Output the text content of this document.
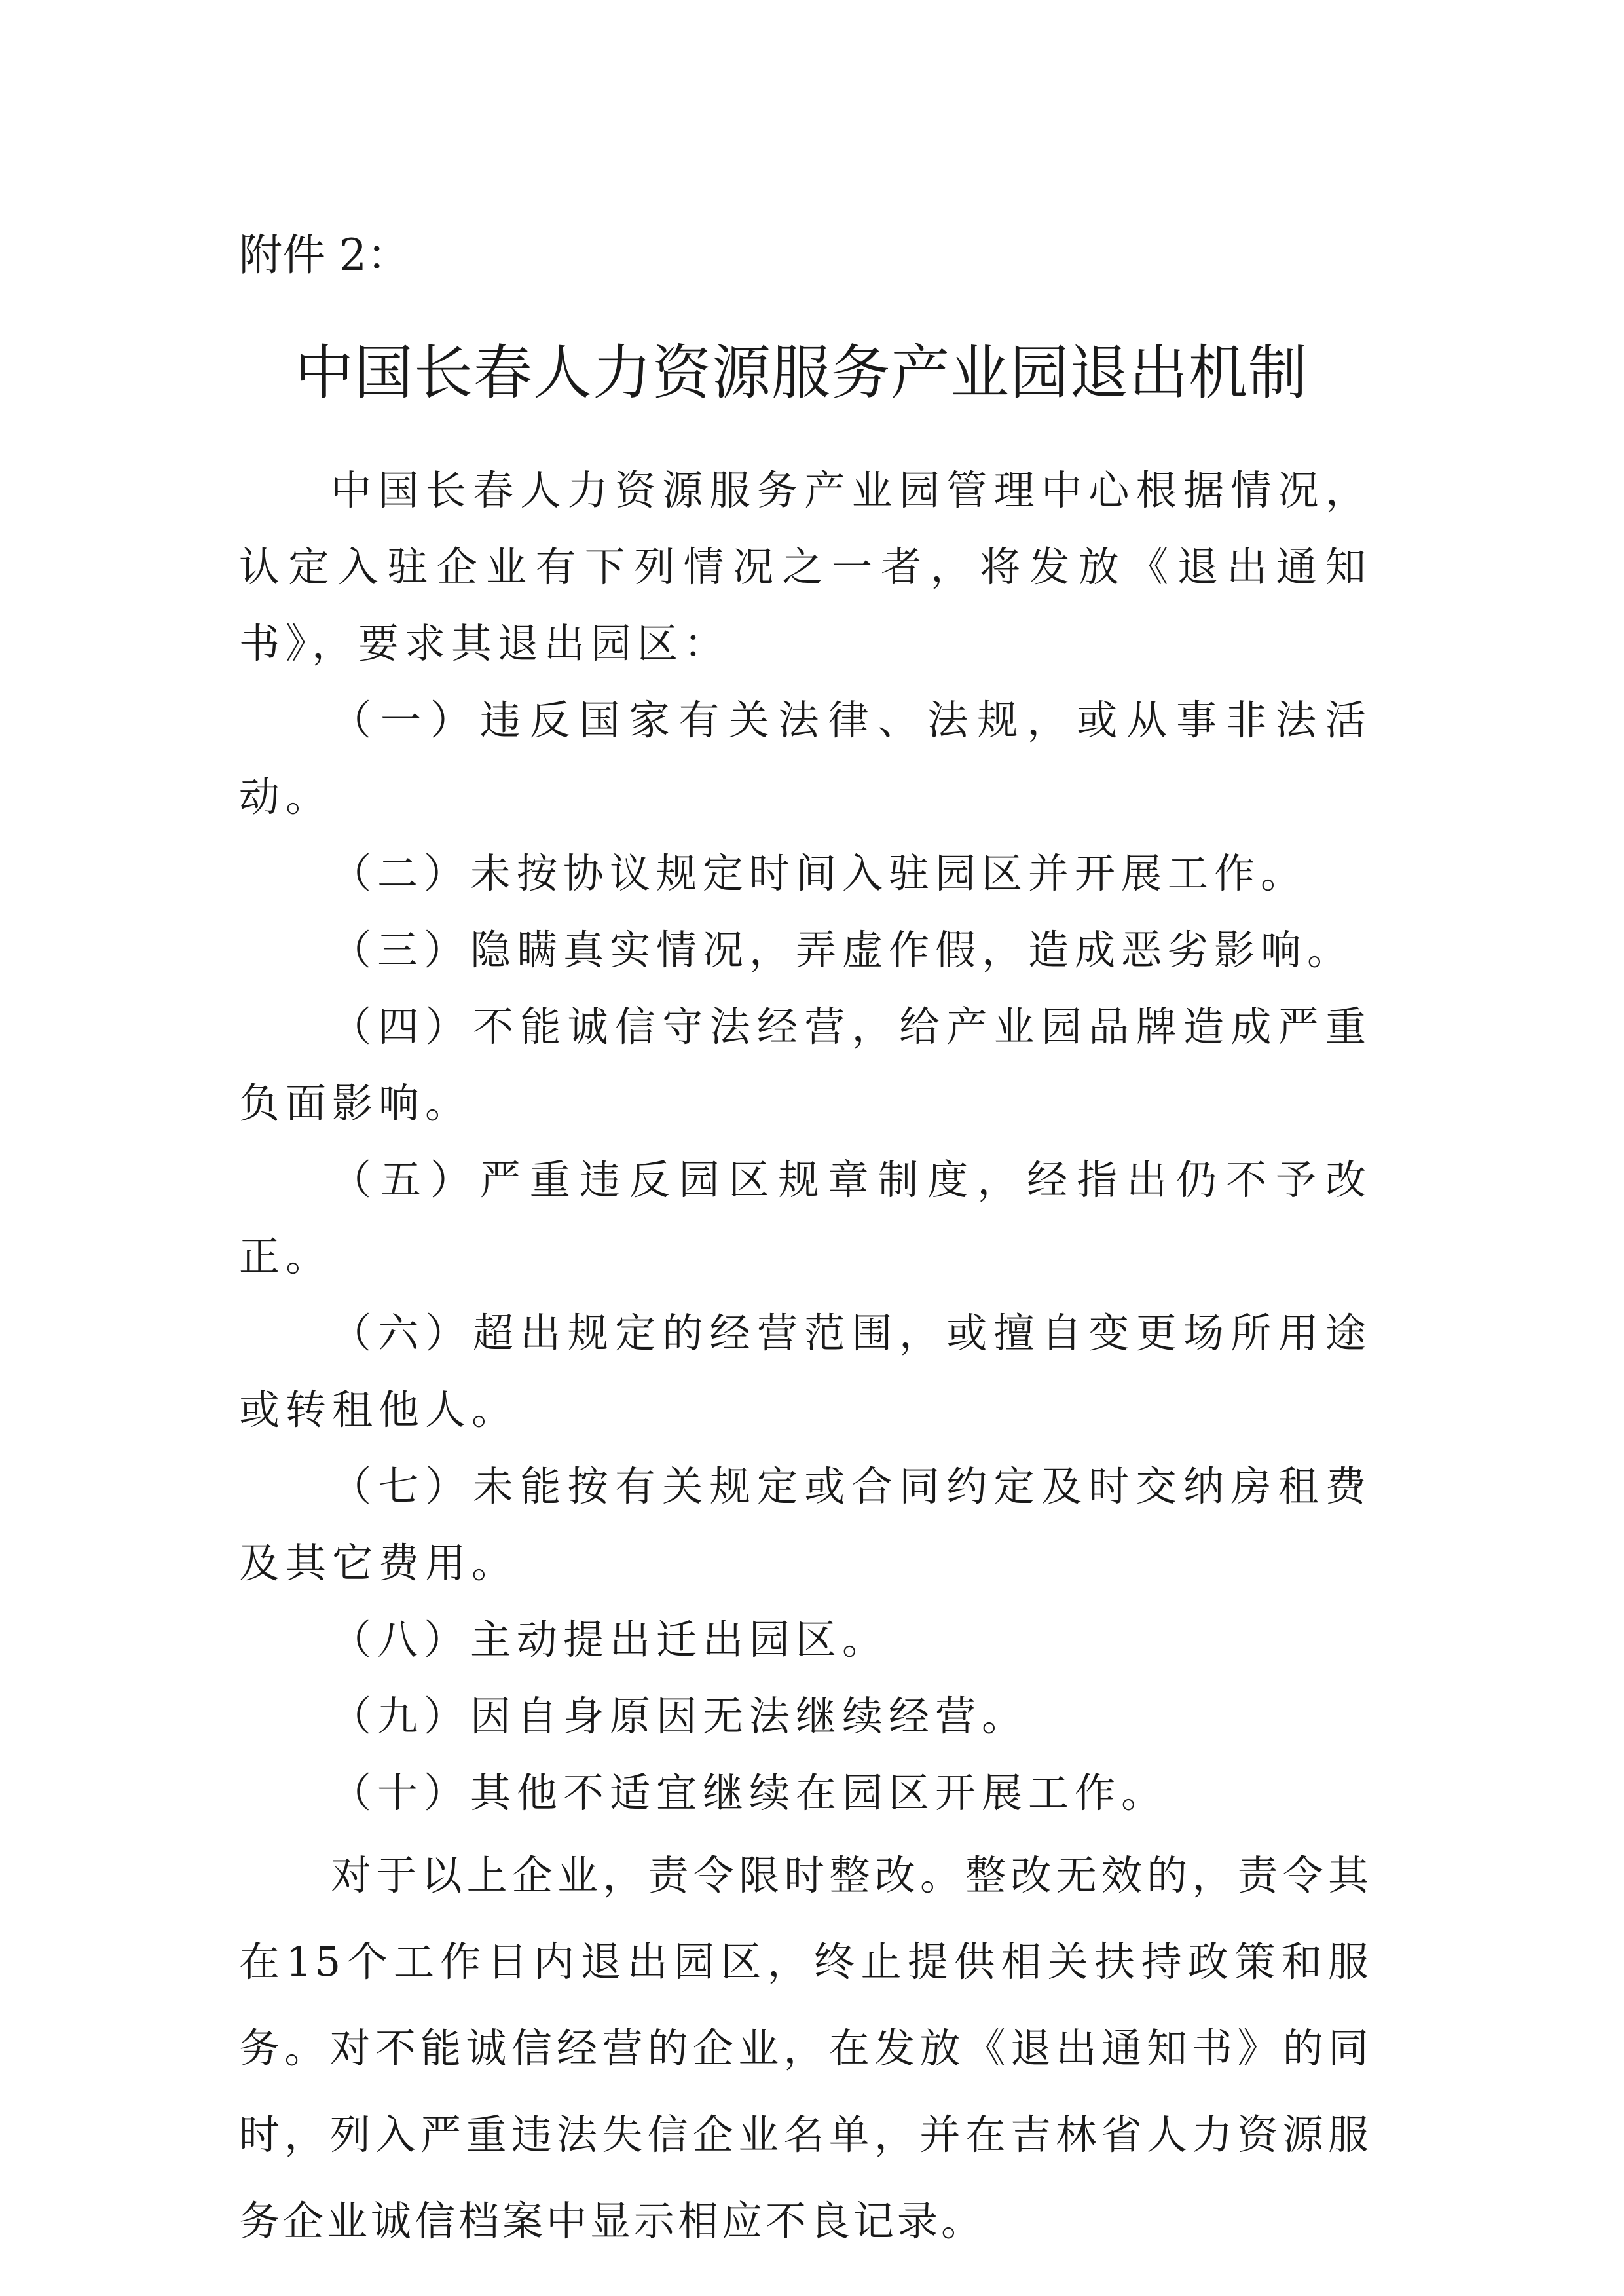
附件 2：
中国长春人力资源服务产业园退出机制

中国长春人力资源服务产业园管理中心根据情况，认定入驻企业有下列情况之一者，将发放《退出通知书》，要求其退出园区：

（一）违反国家有关法律、法规，或从事非法活动。

（二）未按协议规定时间入驻园区并开展工作。

（三）隐瞒真实情况，弄虚作假，造成恶劣影响。

（四）不能诚信守法经营，给产业园品牌造成严重负面影响。

（五）严重违反园区规章制度，经指出仍不予改正。

（六）超出规定的经营范围，或擅自变更场所用途或转租他人。

（七）未能按有关规定或合同约定及时交纳房租费及其它费用。

（八）主动提出迁出园区。

（九）因自身原因无法继续经营。

（十）其他不适宜继续在园区开展工作。

对于以上企业，责令限时整改。整改无效的，责令其在15个工作日内退出园区，终止提供相关扶持政策和服务。对不能诚信经营的企业，在发放《退出通知书》的同时，列入严重违法失信企业名单，并在吉林省人力资源服务企业诚信档案中显示相应不良记录。
